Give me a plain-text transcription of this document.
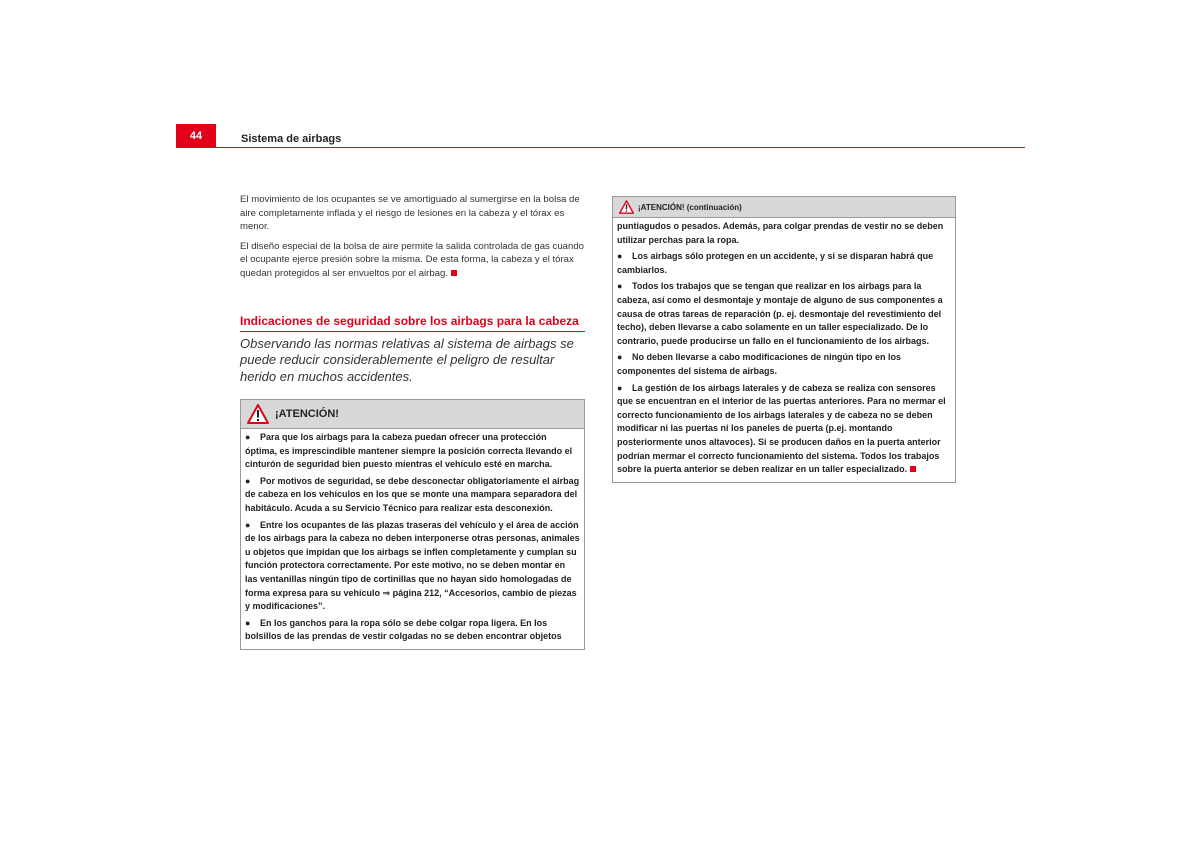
44	Sistema de airbags

El movimiento de los ocupantes se ve amortiguado al sumergirse en la bolsa de aire completamente inflada y el riesgo de lesiones en la cabeza y el tórax es menor.

El diseño especial de la bolsa de aire permite la salida controlada de gas cuando el ocupante ejerce presión sobre la misma. De esta forma, la cabeza y el tórax quedan protegidos al ser envueltos por el airbag.

Indicaciones de seguridad sobre los airbags para la cabeza
Observando las normas relativas al sistema de airbags se puede reducir considerablemente el peligro de resultar herido en muchos accidentes.
¡ATENCIÓN!

● Para que los airbags para la cabeza puedan ofrecer una protección óptima, es imprescindible mantener siempre la posición correcta llevando el cinturón de seguridad bien puesto mientras el vehículo esté en marcha.

● Por motivos de seguridad, se debe desconectar obligatoriamente el airbag de cabeza en los vehículos en los que se monte una mampara separadora del habitáculo. Acuda a su Servicio Técnico para realizar esta desconexión.

● Entre los ocupantes de las plazas traseras del vehículo y el área de acción de los airbags para la cabeza no deben interponerse otras personas, animales u objetos que impidan que los airbags se inflen completamente y cumplan su función protectora correctamente. Por este motivo, no se deben montar en las ventanillas ningún tipo de cortinillas que no hayan sido homologadas de forma expresa para su vehículo ⇒ página 212, “Accesorios, cambio de piezas y modificaciones”.

● En los ganchos para la ropa sólo se debe colgar ropa ligera. En los bolsillos de las prendas de vestir colgadas no se deben encontrar objetos

¡ATENCIÓN! (continuación)

puntiagudos o pesados. Además, para colgar prendas de vestir no se deben utilizar perchas para la ropa.

● Los airbags sólo protegen en un accidente, y si se disparan habrá que cambiarlos.

● Todos los trabajos que se tengan que realizar en los airbags para la cabeza, así como el desmontaje y montaje de alguno de sus componentes a causa de otras tareas de reparación (p. ej. desmontaje del revestimiento del techo), deben llevarse a cabo solamente en un taller especializado. De lo contrario, puede producirse un fallo en el funcionamiento de los airbags.

● No deben llevarse a cabo modificaciones de ningún tipo en los componentes del sistema de airbags.

● La gestión de los airbags laterales y de cabeza se realiza con sensores que se encuentran en el interior de las puertas anteriores. Para no mermar el correcto funcionamiento de los airbags laterales y de cabeza no se deben modificar ni las puertas ni los paneles de puerta (p.ej. montando posteriormente unos altavoces). Si se producen daños en la puerta anterior podrían mermar el correcto funcionamiento del sistema. Todos los trabajos sobre la puerta anterior se deben realizar en un taller especializado.
